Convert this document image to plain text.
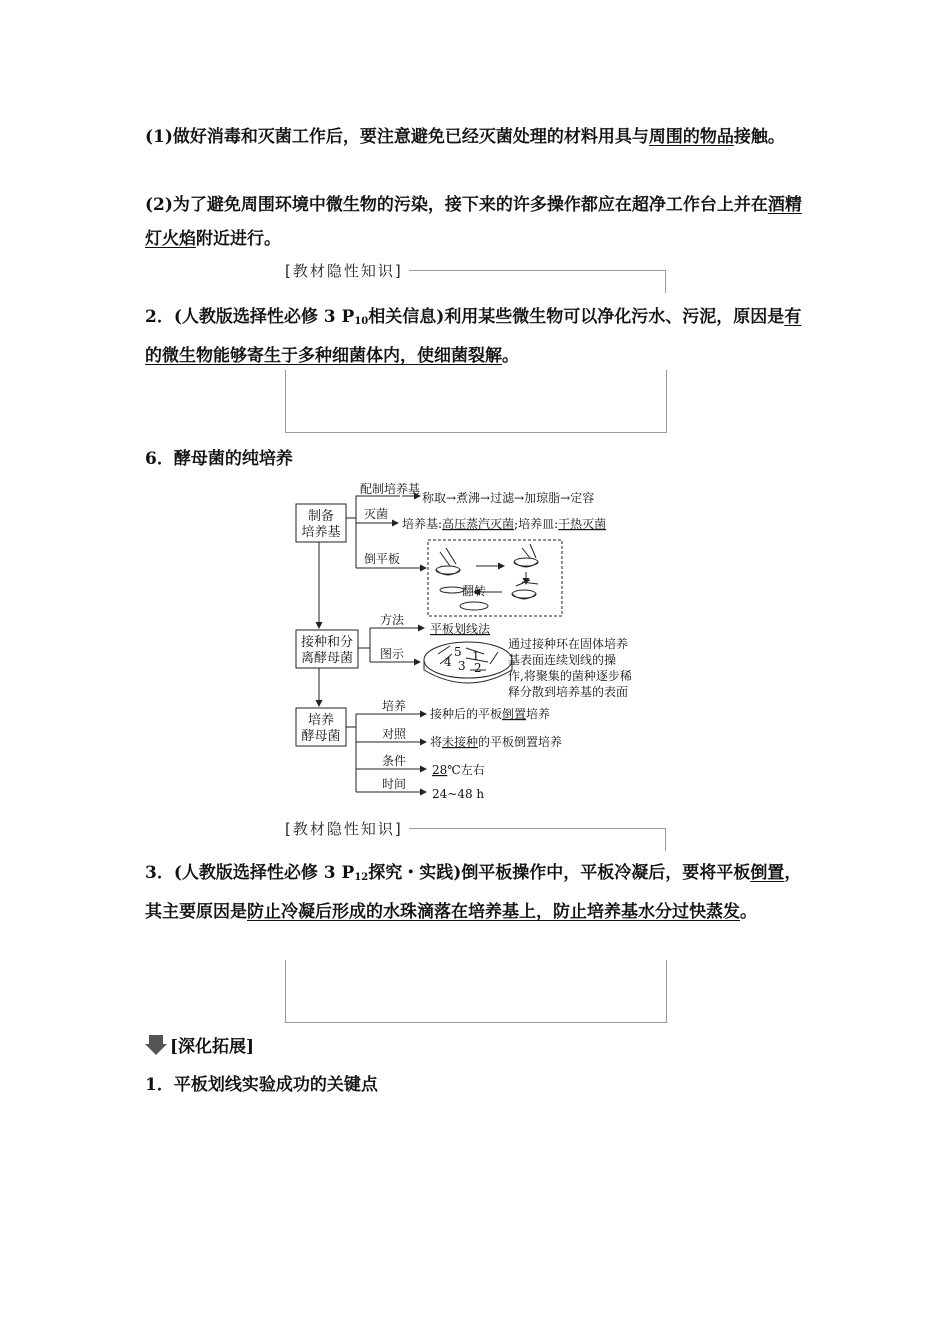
(1)做好消毒和灭菌工作后，要注意避免已经灭菌处理的材料用具与周围的物品接触。
(2)为了避免周围环境中微生物的污染，接下来的许多操作都应在超净工作台上并在酒精灯火焰附近进行。
[教材隐性知识]
2．(人教版选择性必修 3 $P_{10}$相关信息)利用某些微生物可以净化污水、污泥，原因是有的微生物能够寄生于多种细菌体内，使细菌裂解。
6．酵母菌的纯培养
制备
培养基
接种和分
离酵母菌
培养
酵母菌
配制培养基
灭菌
倒平板
称取→煮沸→过滤→加琼脂→定容
培养基:高压蒸汽灭菌;培养皿:干热灭菌
翻转
方法
图示
平板划线法
通过接种环在固体培养
基表面连续划线的操
作,将聚集的菌种逐步稀
释分散到培养基的表面
5 1
4 3 2
培养
对照
条件
时间
接种后的平板倒置培养
将未接种的平板倒置培养
28℃左右
24~48 h
[教材隐性知识]
3．(人教版选择性必修 3 $P_{12}$探究・实践)倒平板操作中，平板冷凝后，要将平板倒置，其主要原因是防止冷凝后形成的水珠滴落在培养基上，防止培养基水分过快蒸发。
[深化拓展]
1．平板划线实验成功的关键点
